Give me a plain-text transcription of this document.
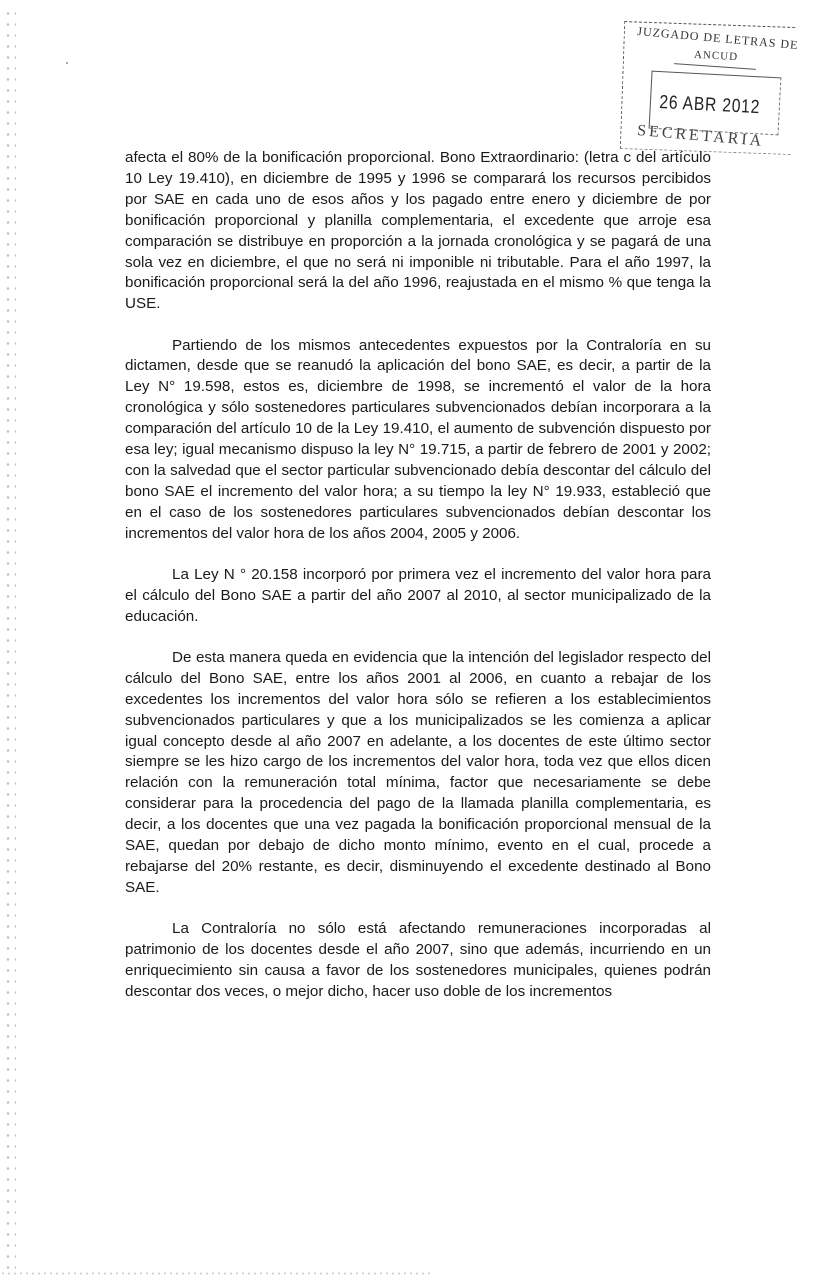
JUZGADO DE LETRAS DE
ANCUD
26 ABR 2012
SECRETARIA

afecta el 80% de la bonificación proporcional. Bono Extraordinario: (letra c del artículo 10 Ley 19.410), en diciembre de 1995 y 1996 se comparará los recursos percibidos por SAE en cada uno de esos años y los pagado entre enero y diciembre de por bonificación proporcional y planilla complementaria, el excedente que arroje esa comparación se distribuye en proporción a la jornada cronológica y se pagará de una sola vez en diciembre, el que no será ni imponible ni tributable. Para el año 1997, la bonificación proporcional será la del año 1996, reajustada en el mismo % que tenga la USE.

Partiendo de los mismos antecedentes expuestos por la Contraloría en su dictamen, desde que se reanudó la aplicación del bono SAE, es decir, a partir de la Ley N° 19.598, estos es, diciembre de 1998, se incrementó el valor de la hora cronológica y sólo sostenedores particulares subvencionados debían incorporara a la comparación del artículo 10 de la Ley 19.410, el aumento de subvención dispuesto por esa ley; igual mecanismo dispuso la ley N° 19.715, a partir de febrero de 2001 y 2002; con la salvedad que el sector particular subvencionado debía descontar del cálculo del bono SAE el incremento del valor hora; a su tiempo la ley N° 19.933, estableció que en el caso de los sostenedores particulares subvencionados debían descontar los incrementos del valor hora de los años 2004, 2005 y 2006.

La Ley N ° 20.158 incorporó por primera vez el incremento del valor hora para el cálculo del Bono SAE a partir del año 2007 al 2010, al sector municipalizado de la educación.

De esta manera queda en evidencia que la intención del legislador respecto del cálculo del Bono SAE, entre los años 2001 al 2006, en cuanto a rebajar de los excedentes los incrementos del valor hora sólo se refieren a los establecimientos subvencionados particulares y que a los municipalizados se les comienza a aplicar igual concepto desde al año 2007 en adelante, a los docentes de este último sector siempre se les hizo cargo de los incrementos del valor hora, toda vez que ellos dicen relación con la remuneración total mínima, factor que necesariamente se debe considerar para la procedencia del pago de la llamada planilla complementaria, es decir, a los docentes que una vez pagada la bonificación proporcional mensual de la SAE, quedan por debajo de dicho monto mínimo, evento en el cual, procede a rebajarse del 20% restante, es decir, disminuyendo el excedente destinado al Bono SAE.

La Contraloría no sólo está afectando remuneraciones incorporadas al patrimonio de los docentes desde el año 2007, sino que además, incurriendo en un enriquecimiento sin causa a favor de los sostenedores municipales, quienes podrán descontar dos veces, o mejor dicho, hacer uso doble de los incrementos
